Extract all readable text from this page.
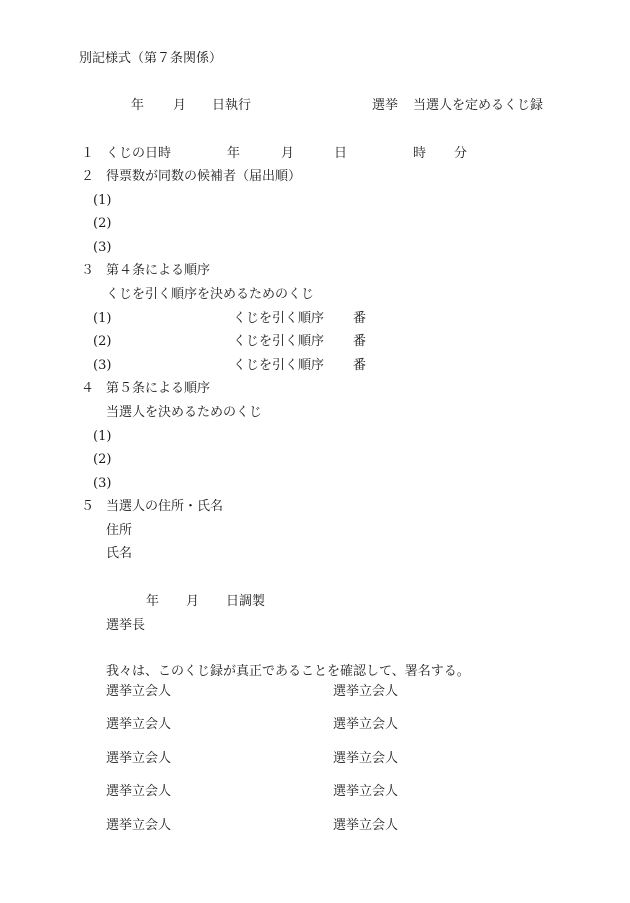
別記様式（第７条関係）
年 月 日執行	選挙 当選人を定めるくじ録
１ くじの日時	年	月	日	時 分
２ 得票数が同数の候補者（届出順）
(1)
(2)
(3)
３ 第４条による順序
くじを引く順序を決めるためのくじ
(1)	くじを引く順序 番
(2)	くじを引く順序 番
(3)	くじを引く順序 番
４ 第５条による順序
当選人を決めるためのくじ
(1)
(2)
(3)
５ 当選人の住所・氏名
住所
氏名
年 月 日調製
選挙長
我々は、このくじ録が真正であることを確認して、署名する。
選挙立会人	選挙立会人
選挙立会人	選挙立会人
選挙立会人	選挙立会人
選挙立会人	選挙立会人
選挙立会人	選挙立会人
